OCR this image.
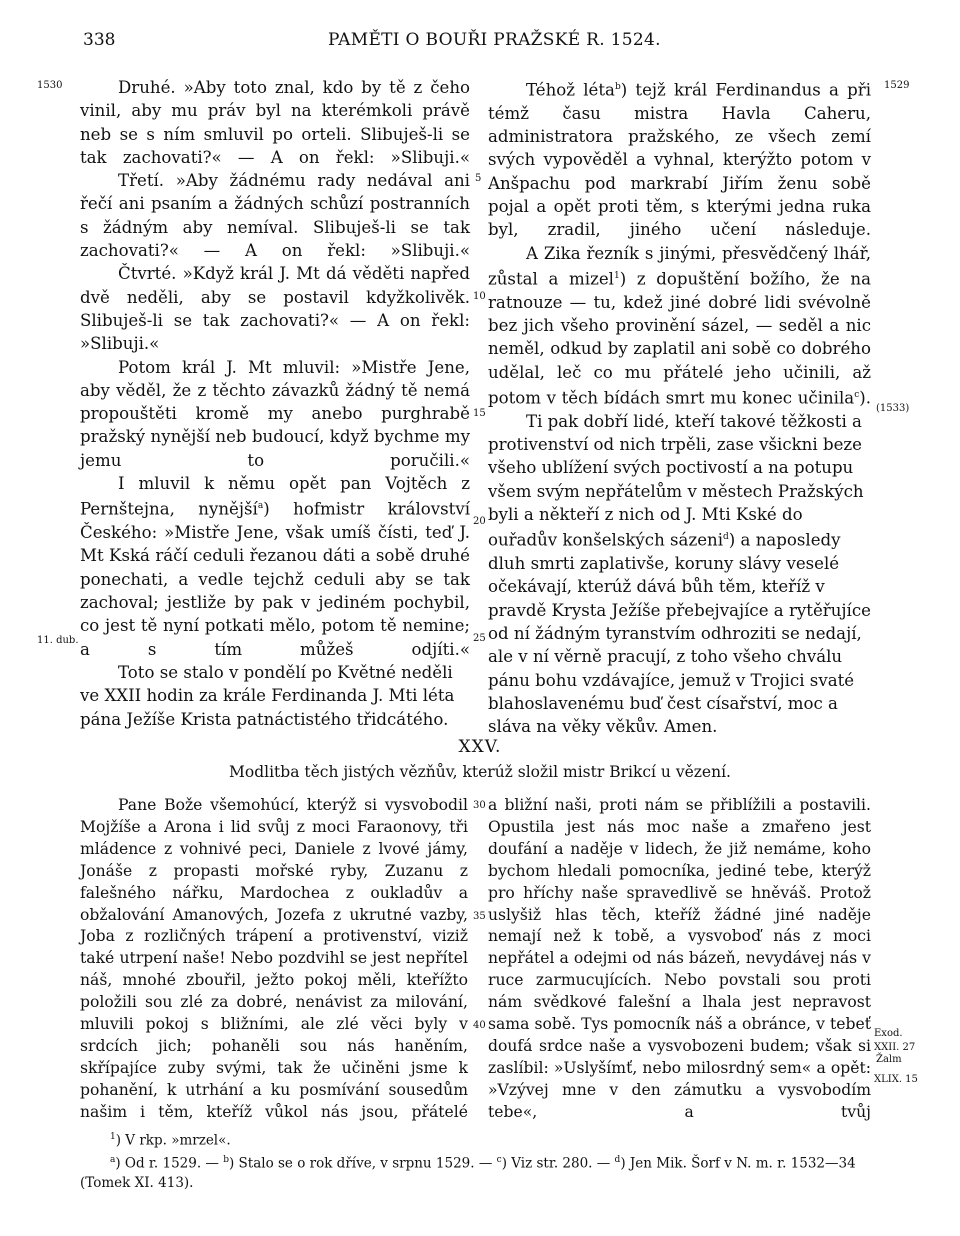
338	PAMĚTI O BOUŘI PRAŽSKÉ R. 1524.
1530
11. dub.
1529
(1533)
Exod.
XXII. 27
Žalm
XLIX. 15
5
10
15
20
25
30
35
40

Druhé. »Aby toto znal, kdo by tě z čeho vinil, aby mu práv byl na kterémkoli právě neb se s ním smluvil po orteli. Slibuješ-li se tak zachovati?« — A on řekl: »Slibuji.«

Třetí. »Aby žádnému rady nedával ani řečí ani psaním a žádných schůzí postranních s žádným aby nemíval. Slibuješ-li se tak zachovati?« — A on řekl: »Slibuji.«

Čtvrté. »Když král J. Mt dá věděti napřed dvě neděli, aby se postavil kdyžkolivěk. Slibuješ-li se tak zachovati?« — A on řekl: »Slibuji.«

Potom král J. Mt mluvil: »Mistře Jene, aby věděl, že z těchto závazků žádný tě nemá propouštěti kromě my anebo purghrabě pražský nynější neb budoucí, když bychme my jemu to poručili.«

I mluvil k němu opět pan Vojtěch z Pernštejna, nynější$^a$) hofmistr království Českého: »Mistře Jene, však umíš čísti, teď J. Mt Kská ráčí ceduli řezanou dáti a sobě druhé ponechati, a vedle tejchž ceduli aby se tak zachoval; jestliže by pak v jediném pochybil, co jest tě nyní potkati mělo, potom tě nemine; a s tím můžeš odjíti.«

Toto se stalo v pondělí po Květné neděli ve XXII hodin za krále Ferdinanda J. Mti léta pána Ježíše Krista patnáctistého třidcátého.

Téhož léta$^b$) tejž král Ferdinandus a při témž času mistra Havla Caheru, administratora pražského, ze všech zemí svých vypověděl a vyhnal, kterýžto potom v Anšpachu pod markrabí Jiřím ženu sobě pojal a opět proti těm, s kterými jedna ruka byl, zradil, jiného učení následuje.

A Zika řezník s jinými, přesvědčený lhář, zůstal a mizel$^1$) z dopuštění božího, že na ratnouze — tu, kdež jiné dobré lidi svévolně bez jich všeho provinění sázel, — seděl a nic neměl, odkud by zaplatil ani sobě co dobrého udělal, leč co mu přátelé jeho učinili, až potom v těch bídách smrt mu konec učinila$^c$).

Ti pak dobří lidé, kteří takové těžkosti a protivenství od nich trpěli, zase všickni beze všeho ublížení svých poctivostí a na potupu všem svým nepřátelům v městech Pražských byli a někteří z nich od J. Mti Kské do ouřadův konšelských sázeni$^d$) a naposledy dluh smrti zaplativše, koruny slávy veselé očekávají, kterúž dává bůh těm, kteříž v pravdě Krysta Ježíše přebejvajíce a rytěřujíce od ní žádným tyranstvím odhroziti se nedají, ale v ní věrně pracují, z toho všeho chválu pánu bohu vzdávajíce, jemuž v Trojici svaté blahoslavenému buď čest císařství, moc a sláva na věky věkův. Amen.

XXV.
Modlitba těch jistých vězňův, kterúž složil mistr Brikcí u vězení.

Pane Bože všemohúcí, kterýž si vysvobodil Mojžíše a Arona i lid svůj z moci Faraonovy, tři mládence z vohnivé peci, Daniele z lvové jámy, Jonáše z propasti mořské ryby, Zuzanu z falešného nářku, Mardochea z oukladův a obžalování Amanových, Jozefa z ukrutné vazby, Joba z rozličných trápení a protivenství, viziž také utrpení naše! Nebo pozdvihl se jest nepřítel náš, mnohé zbouřil, ježto pokoj měli, kteřížto položili sou zlé za dobré, nenávist za milování, mluvili pokoj s bližními, ale zlé věci byly v srdcích jich; pohaněli sou nás haněním, skřípajíce zuby svými, tak že učiněni jsme k pohanění, k utrhání a ku posmívání sousedům našim i těm, kteříž vůkol nás jsou, přátelé

a bližní naši, proti nám se přiblížili a postavili. Opustila jest nás moc naše a zmařeno jest doufání a naděje v lidech, že již nemáme, koho bychom hledali pomocníka, jediné tebe, kterýž pro hříchy naše spravedlivě se hněváš. Protož uslyšiž hlas těch, kteříž žádné jiné naděje nemají než k tobě, a vysvoboď nás z moci nepřátel a odejmi od nás bázeň, nevydávej nás v ruce zarmucujících. Nebo povstali sou proti nám svědkové falešní a lhala jest nepravost sama sobě. Tys pomocník náš a obránce, v tebeť doufá srdce naše a vysvobozeni budem; však si zaslíbil: »Uslyšímť, nebo milosrdný sem« a opět: »Vzývej mne v den zámutku a vysvobodím tebe«, a tvůj

$^1$) V rkp. »mrzel«.

$^a$) Od r. 1529. — $^b$) Stalo se o rok dříve, v srpnu 1529. — $^c$) Viz str. 280. — $^d$) Jen Mik. Šorf v N. m. r. 1532—34 (Tomek XI. 413).
